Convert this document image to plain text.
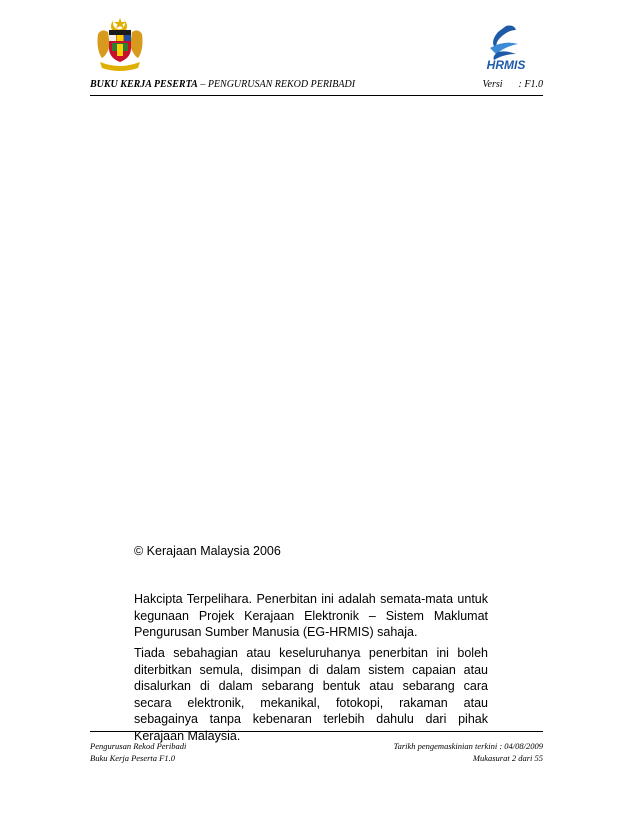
HRMIS
BUKU KERJA PESERTA – PENGURUSAN REKOD PERIBADI	Versi : F1.0

© Kerajaan Malaysia 2006

Hakcipta Terpelihara. Penerbitan ini adalah semata-mata untuk kegunaan Projek Kerajaan Elektronik – Sistem Maklumat Pengurusan Sumber Manusia (EG-HRMIS) sahaja.

Tiada sebahagian atau keseluruhanya penerbitan ini boleh diterbitkan semula, disimpan di dalam sistem capaian atau disalurkan di dalam sebarang bentuk atau sebarang cara secara elektronik, mekanikal, fotokopi, rakaman atau sebagainya tanpa kebenaran terlebih dahulu dari pihak Kerajaan Malaysia.

Pengurusan Rekod Peribadi
Buku Kerja Peserta F1.0
Tarikh pengemaskinian terkini : 04/08/2009
Mukasurat 2 dari 55
